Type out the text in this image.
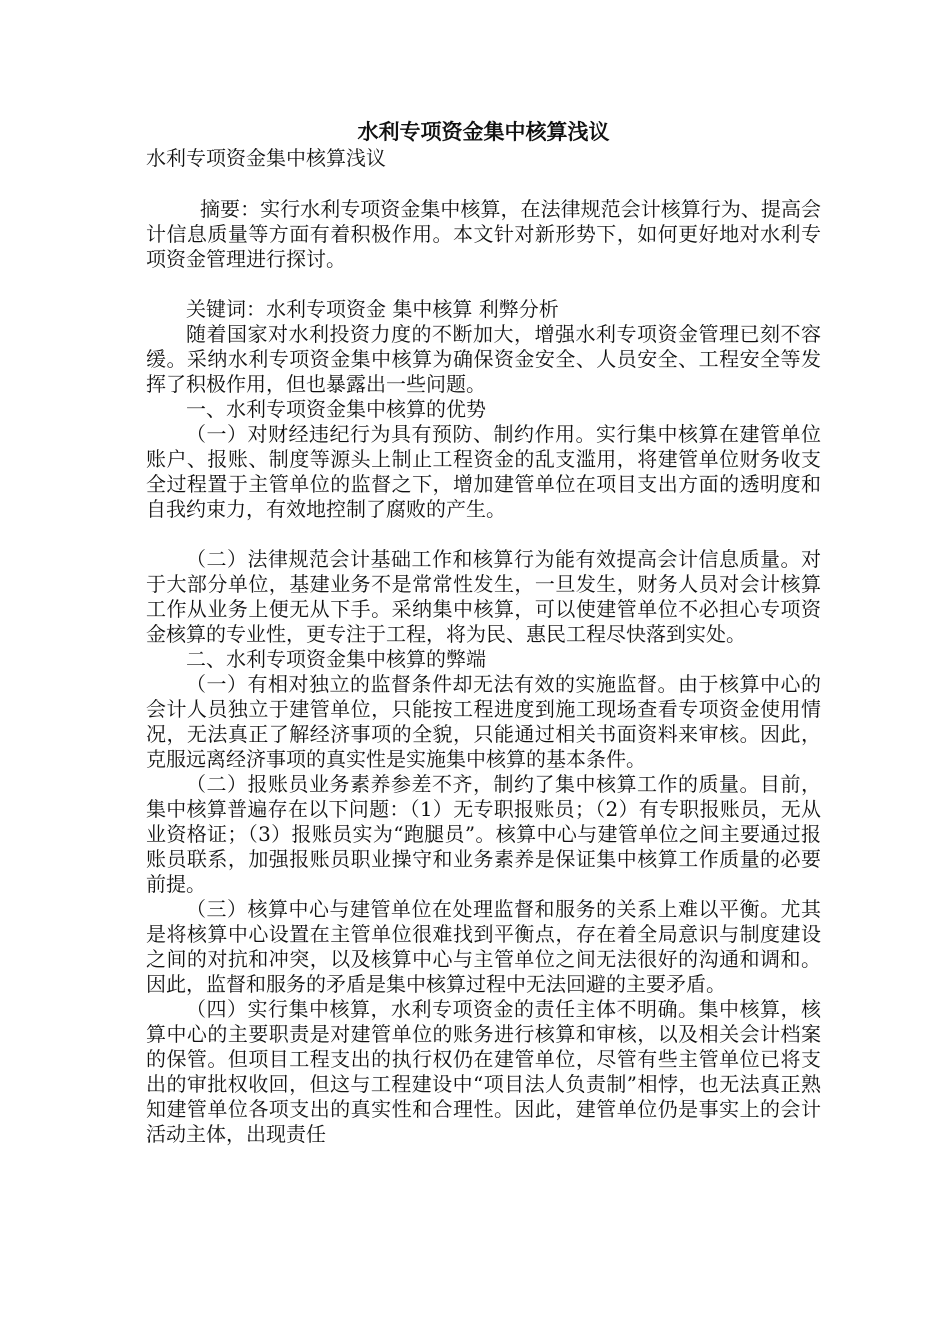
水利专项资金集中核算浅议

水利专项资金集中核算浅议

摘要：实行水利专项资金集中核算，在法律规范会计核算行为、提高会计信息质量等方面有着积极作用。本文针对新形势下，如何更好地对水利专项资金管理进行探讨。

关键词：水利专项资金 集中核算 利弊分析

随着国家对水利投资力度的不断加大，增强水利专项资金管理已刻不容缓。采纳水利专项资金集中核算为确保资金安全、人员安全、工程安全等发挥了积极作用，但也暴露出一些问题。

一、水利专项资金集中核算的优势

（一）对财经违纪行为具有预防、制约作用。实行集中核算在建管单位账户、报账、制度等源头上制止工程资金的乱支滥用，将建管单位财务收支全过程置于主管单位的监督之下，增加建管单位在项目支出方面的透明度和自我约束力，有效地控制了腐败的产生。

（二）法律规范会计基础工作和核算行为能有效提高会计信息质量。对于大部分单位，基建业务不是常常性发生，一旦发生，财务人员对会计核算工作从业务上便无从下手。采纳集中核算，可以使建管单位不必担心专项资金核算的专业性，更专注于工程，将为民、惠民工程尽快落到实处。

二、水利专项资金集中核算的弊端

（一）有相对独立的监督条件却无法有效的实施监督。由于核算中心的会计人员独立于建管单位，只能按工程进度到施工现场查看专项资金使用情况，无法真正了解经济事项的全貌，只能通过相关书面资料来审核。因此，克服远离经济事项的真实性是实施集中核算的基本条件。

（二）报账员业务素养参差不齐，制约了集中核算工作的质量。目前，集中核算普遍存在以下问题：（1）无专职报账员；（2）有专职报账员，无从业资格证；（3）报账员实为“跑腿员”。核算中心与建管单位之间主要通过报账员联系，加强报账员职业操守和业务素养是保证集中核算工作质量的必要前提。

（三）核算中心与建管单位在处理监督和服务的关系上难以平衡。尤其是将核算中心设置在主管单位很难找到平衡点，存在着全局意识与制度建设之间的对抗和冲突，以及核算中心与主管单位之间无法很好的沟通和调和。因此，监督和服务的矛盾是集中核算过程中无法回避的主要矛盾。

（四）实行集中核算，水利专项资金的责任主体不明确。集中核算，核算中心的主要职责是对建管单位的账务进行核算和审核，以及相关会计档案的保管。但项目工程支出的执行权仍在建管单位，尽管有些主管单位已将支出的审批权收回，但这与工程建设中“项目法人负责制”相悖，也无法真正熟知建管单位各项支出的真实性和合理性。因此，建管单位仍是事实上的会计活动主体，出现责任
